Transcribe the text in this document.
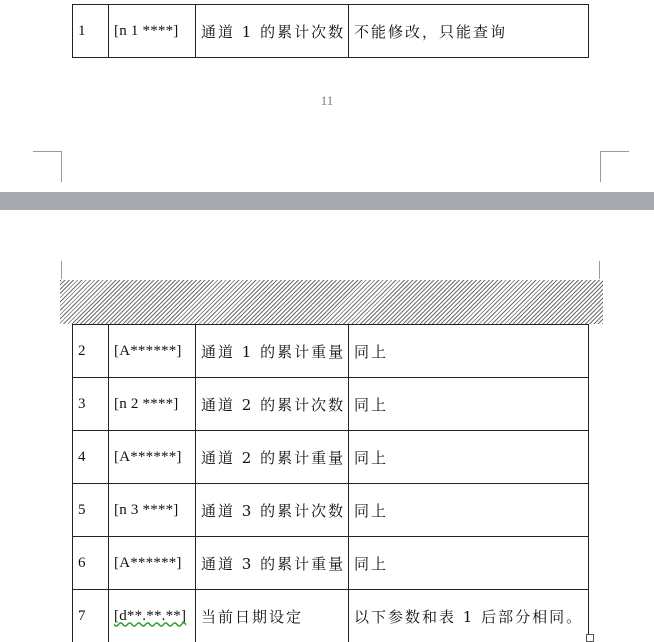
1	[n 1 ****]	通道 1 的累计次数	不能修改，只能查询
11
2	[A******]	通道 1 的累计重量	同上
3	[n 2 ****]	通道 2 的累计次数	同上
4	[A******]	通道 2 的累计重量	同上
5	[n 3 ****]	通道 3 的累计次数	同上
6	[A******]	通道 3 的累计重量	同上
7	[d**.**.**]	当前日期设定	以下参数和表 1 后部分相同。
